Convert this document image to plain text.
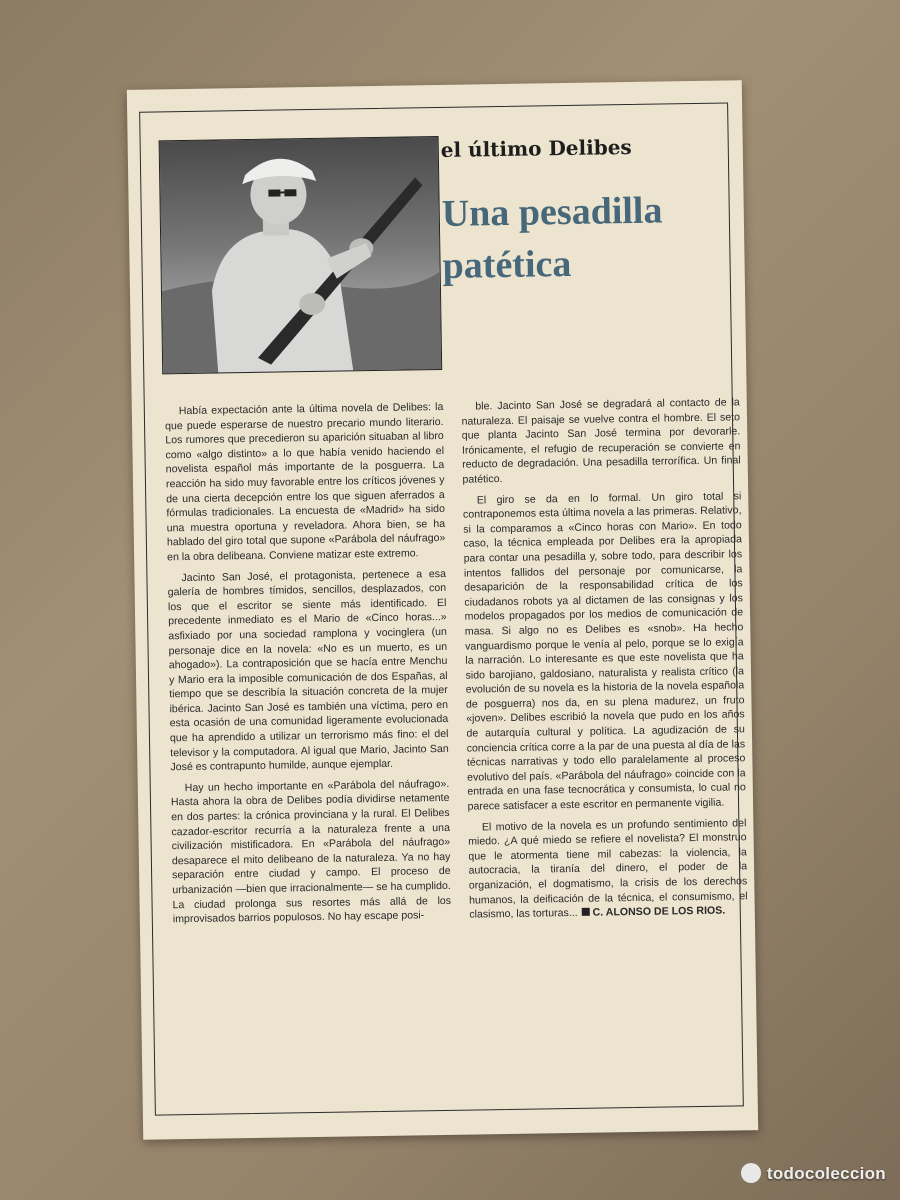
el último Delibes
Una pesadilla
patética

Había expectación ante la última novela de Delibes: la que puede esperarse de nuestro precario mundo literario. Los rumores que precedieron su aparición situaban al libro como «algo distinto» a lo que había venido haciendo el novelista español más importante de la posguerra. La reacción ha sido muy favorable entre los críticos jóvenes y de una cierta decepción entre los que siguen aferrados a fórmulas tradicionales. La encuesta de «Madrid» ha sido una muestra oportuna y reveladora. Ahora bien, se ha hablado del giro total que supone «Parábola del náufrago» en la obra delibeana. Conviene matizar este extremo.

Jacinto San José, el protagonista, pertenece a esa galería de hombres tímidos, sencillos, desplazados, con los que el escritor se siente más identificado. El precedente inmediato es el Mario de «Cinco horas...» asfixiado por una sociedad ramplona y vocinglera (un personaje dice en la novela: «No es un muerto, es un ahogado»). La contraposición que se hacía entre Menchu y Mario era la imposible comunicación de dos Españas, al tiempo que se describía la situación concreta de la mujer ibérica. Jacinto San José es también una víctima, pero en esta ocasión de una comunidad ligeramente evolucionada que ha aprendido a utilizar un terrorismo más fino: el del televisor y la computadora. Al igual que Mario, Jacinto San José es contrapunto humilde, aunque ejemplar.

Hay un hecho importante en «Parábola del náufrago». Hasta ahora la obra de Delibes podía dividirse netamente en dos partes: la crónica provinciana y la rural. El Delibes cazador-escritor recurría a la naturaleza frente a una civilización mistificadora. En «Parábola del náufrago» desaparece el mito delibeano de la naturaleza. Ya no hay separación entre ciudad y campo. El proceso de urbanización —bien que irracionalmente— se ha cumplido. La ciudad prolonga sus resortes más allá de los improvisados barrios populosos. No hay escape posi-

ble. Jacinto San José se degradará al contacto de la naturaleza. El paisaje se vuelve contra el hombre. El seto que planta Jacinto San José termina por devorarle. Irónicamente, el refugio de recuperación se convierte en reducto de degradación. Una pesadilla terrorífica. Un final patético.

El giro se da en lo formal. Un giro total si contraponemos esta última novela a las primeras. Relativo, si la comparamos a «Cinco horas con Mario». En todo caso, la técnica empleada por Delibes era la apropiada para contar una pesadilla y, sobre todo, para describir los intentos fallidos del personaje por comunicarse, la desaparición de la responsabilidad crítica de los ciudadanos robots ya al dictamen de las consignas y los modelos propagados por los medios de comunicación de masa. Si algo no es Delibes es «snob». Ha hecho vanguardismo porque le venía al pelo, porque se lo exigía la narración. Lo interesante es que este novelista que ha sido barojiano, galdosiano, naturalista y realista crítico (la evolución de su novela es la historia de la novela española de posguerra) nos da, en su plena madurez, un fruto «joven». Delibes escribió la novela que pudo en los años de autarquía cultural y política. La agudización de su conciencia crítica corre a la par de una puesta al día de las técnicas narrativas y todo ello paralelamente al proceso evolutivo del país. «Parábola del náufrago» coincide con la entrada en una fase tecnocrática y consumista, lo cual no parece satisfacer a este escritor en permanente vigilia.

El motivo de la novela es un profundo sentimiento del miedo. ¿A qué miedo se refiere el novelista? El monstruo que le atormenta tiene mil cabezas: la violencia, la autocracia, la tiranía del dinero, el poder de la organización, el dogmatismo, la crisis de los derechos humanos, la deificación de la técnica, el consumismo, el clasismo, las torturas... C. ALONSO DE LOS RIOS.

todocoleccion
